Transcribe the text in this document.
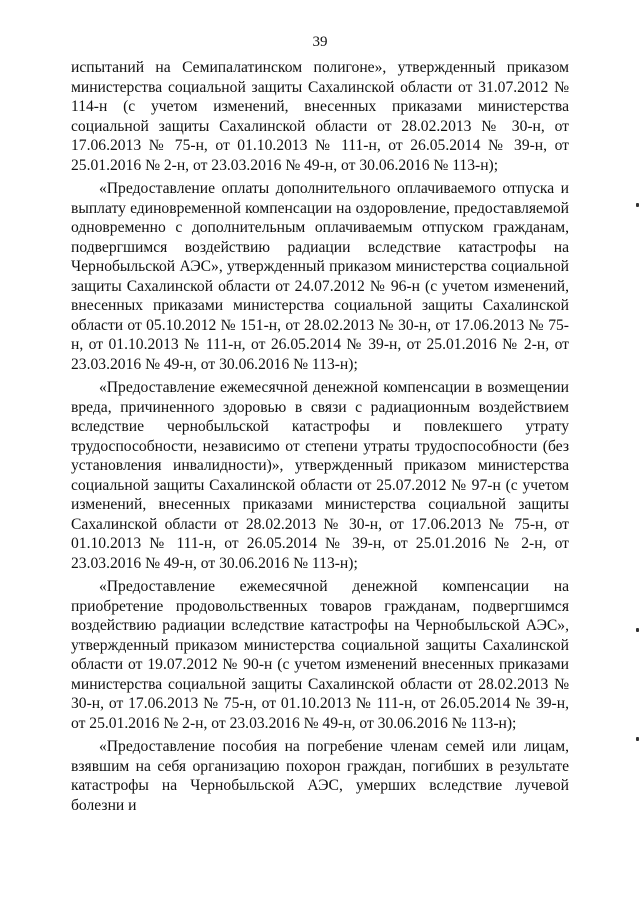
39

испытаний на Семипалатинском полигоне», утвержденный приказом министерства социальной защиты Сахалинской области от 31.07.2012 № 114-н (с учетом изменений, внесенных приказами министерства социальной защиты Сахалинской области от 28.02.2013 № 30-н, от 17.06.2013 № 75-н, от 01.10.2013 № 111-н, от 26.05.2014 № 39-н, от 25.01.2016 № 2-н, от 23.03.2016 № 49-н, от 30.06.2016 № 113-н);

«Предоставление оплаты дополнительного оплачиваемого отпуска и выплату единовременной компенсации на оздоровление, предоставляемой одновременно с дополнительным оплачиваемым отпуском гражданам, подвергшимся воздействию радиации вследствие катастрофы на Чернобыльской АЭС», утвержденный приказом министерства социальной защиты Сахалинской области от 24.07.2012 № 96-н (с учетом изменений, внесенных приказами министерства социальной защиты Сахалинской области от 05.10.2012 № 151-н, от 28.02.2013 № 30-н, от 17.06.2013 № 75-н, от 01.10.2013 № 111-н, от 26.05.2014 № 39-н, от 25.01.2016 № 2-н, от 23.03.2016 № 49-н, от 30.06.2016 № 113-н);

«Предоставление ежемесячной денежной компенсации в возмещении вреда, причиненного здоровью в связи с радиационным воздействием вследствие чернобыльской катастрофы и повлекшего утрату трудоспособности, независимо от степени утраты трудоспособности (без установления инвалидности)», утвержденный приказом министерства социальной защиты Сахалинской области от 25.07.2012 № 97-н (с учетом изменений, внесенных приказами министерства социальной защиты Сахалинской области от 28.02.2013 № 30-н, от 17.06.2013 № 75-н, от 01.10.2013 № 111-н, от 26.05.2014 № 39-н, от 25.01.2016 № 2-н, от 23.03.2016 № 49-н, от 30.06.2016 № 113-н);

«Предоставление ежемесячной денежной компенсации на приобретение продовольственных товаров гражданам, подвергшимся воздействию радиации вследствие катастрофы на Чернобыльской АЭС», утвержденный приказом министерства социальной защиты Сахалинской области от 19.07.2012 № 90-н (с учетом изменений внесенных приказами министерства социальной защиты Сахалинской области от 28.02.2013 № 30-н, от 17.06.2013 № 75-н, от 01.10.2013 № 111-н, от 26.05.2014 № 39-н, от 25.01.2016 № 2-н, от 23.03.2016 № 49-н, от 30.06.2016 № 113-н);

«Предоставление пособия на погребение членам семей или лицам, взявшим на себя организацию похорон граждан, погибших в результате катастрофы на Чернобыльской АЭС, умерших вследствие лучевой болезни и
